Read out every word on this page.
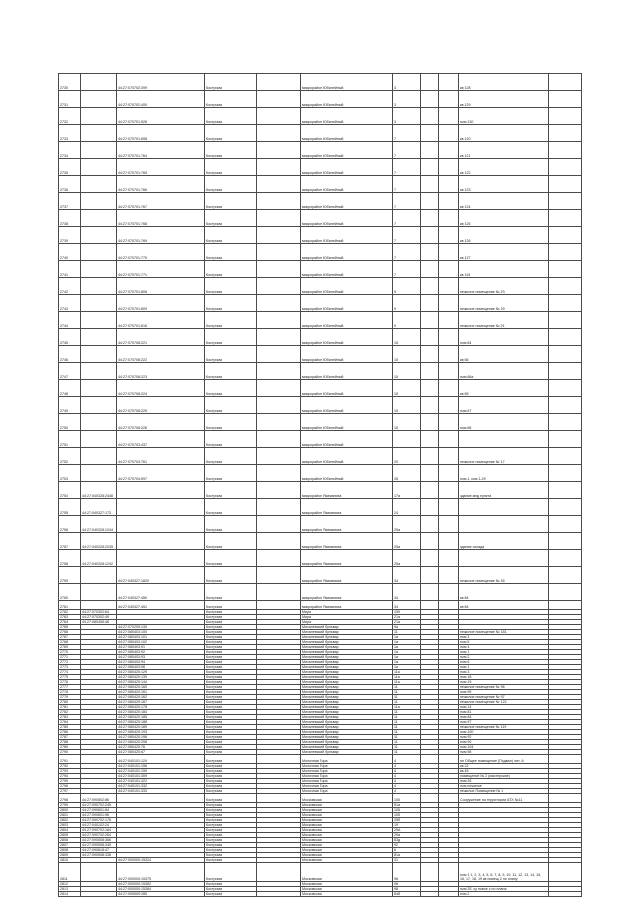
2730		44:27:070702:399	Кострома		микрорайон Юбилейный	3			кв 128	
2731		44:27:070702:400	Кострома		микрорайон Юбилейный	3			кв 129	
2732		44:27:070701:528	Кострома		микрорайон Юбилейный	3			пом 130	
2733		44:27:070701:658	Кострома		микрорайон Юбилейный	7			кв 120	
2734		44:27:070701:764	Кострома		микрорайон Юбилейный	7			кв 121	
2735		44:27:070701:765	Кострома		микрорайон Юбилейный	7			кв 122	
2736		44:27:070701:766	Кострома		микрорайон Юбилейный	7			кв 123	
2737		44:27:070701:767	Кострома		микрорайон Юбилейный	7			кв 124	
2738		44:27:070701:768	Кострома		микрорайон Юбилейный	7			кв 125	
2739		44:27:070701:769	Кострома		микрорайон Юбилейный	7			кв 126	
2740		44:27:070701:770	Кострома		микрорайон Юбилейный	7			кв 127	
2741		44:27:070701:771	Кострома		микрорайон Юбилейный	7			кв 119	
2742		44:27:070701:808	Кострома		микрорайон Юбилейный	9			нежилое помещение № 23	
2743		44:27:070701:809	Кострома		микрорайон Юбилейный	9			нежилое помещение № 29	
2744		44:27:070701:816	Кострома		микрорайон Юбилейный	9			нежилое помещение № 21	
2745		44:27:070708:221	Кострома		микрорайон Юбилейный	15			пом 64	
2746		44:27:070708:222	Кострома		микрорайон Юбилейный	15			кв 66	
2747		44:27:070708:223	Кострома		микрорайон Юбилейный	15			пом 66а	
2748		44:27:070708:224	Кострома		микрорайон Юбилейный	15			кв 65	
2749		44:27:070708:225	Кострома		микрорайон Юбилейный	15			пом 67	
2750		44:27:070708:226	Кострома		микрорайон Юбилейный	15			пом 68	
2751		44:27:070703:437	Кострома		микрорайон Юбилейный					
2752		44:27:070703:761	Кострома		микрорайон Юбилейный	20			нежилое помещение № 17	
2753		44:27:070704:597	Кострома		микрорайон Юбилейный	28			пом 1, ком 1-29	
2754	44:27:040328:2448		Кострома		микрорайон Якиманиха	17а			здание мед пункта	
2755	44:27:040327:173		Кострома		микрорайон Якиманиха	24				
2756	44:27:040328:1244		Кострома		микрорайон Якиманиха	25а				
2757	44:27:040328:2035		Кострома		микрорайон Якиманиха	25а			здание склада	
2758	44:27:040328:1242		Кострома		микрорайон Якиманиха	25а				
2759		44:27:040327:1820	Кострома		микрорайон Якиманиха	34			нежилое помещение № 45	
2760		44:27:040327:450	Кострома		микрорайон Якиманиха	34			кв 84	
2761		44:27:040327:451	Кострома		микрорайон Якиманиха	34			кв 84	
2762	44:27:070302:64		Кострома		Мира	159				
2763	44:27:070302:49		Кострома		Мира	21а				
2764	44:27:080406:46		Кострома		Мира	21а				
2765		44:27:070209:130	Кострома		Михалевский бульвар	9а				
2766		44:27:080403:100	Кострома		Михалевский бульвар	11			нежилое помещение № 181	
2767		44:27:080403:101	Кострома		Михалевский бульвар	1а			пом 3	
2768		44:27:080403:102	Кострома		Михалевский бульвар	1а			пом 5	
2769		44:27:080403:91	Кострома		Михалевский бульвар	1а			пом 4	
2770		44:27:080403:92	Кострома		Михалевский бульвар	1а			пом 1	
2771		44:27:080403:93	Кострома		Михалевский бульвар	1а			пом 2	
2772		44:27:080403:94	Кострома		Михалевский бульвар	1а			пом 6	
2773		44:27:080403:98	Кострома		Михалевский бульвар	1а			пом 1	
2774		44:27:080420:129	Кострома		Михалевский бульвар	11а			пом 3	
2775		44:27:080420:139	Кострома		Михалевский бульвар	11а			пом 18	
2776		44:27:080420:144	Кострома		Михалевский бульвар	11а			пом 19	
2777		44:27:080420:160	Кострома		Михалевский бульвар	11			нежилое помещение № 96	
2778		44:27:080420:161	Кострома		Михалевский бульвар	11			пом 95	
2779		44:27:080420:162	Кострома		Михалевский бульвар	11			нежилое помещение № 97	
2780		44:27:080420:167	Кострома		Михалевский бульвар	11			нежилое помещение № 122	
2781		44:27:080420:178	Кострома		Михалевский бульвар	11а			пом 14	
2782		44:27:080420:184	Кострома		Михалевский бульвар	11			пом 81	
2783		44:27:080420:185	Кострома		Михалевский бульвар	11			пом 84	
2784		44:27:080420:188	Кострома		Михалевский бульвар	11			пом 97	
2785		44:27:080420:189	Кострома		Михалевский бульвар	11			нежилое помещение № 119	
2786		44:27:080420:193	Кострома		Михалевский бульвар	11			пом 100	
2787		44:27:080420:196	Кострома		Михалевский бульвар	11			пом 92	
2788		44:27:080420:208	Кострома		Михалевский бульвар	11			пом 90	
2789		44:27:080420:76	Кострома		Михалевский бульвар	11			пом 104	
2790		44:27:080420:67	Кострома		Михалевский бульвар	11			пом 98	
2791		44:27:040101:124	Кострома		Молочная Гора	4			нп Общее помещение (Подвал) лит. А	
2792		44:27:040101:156	Кострома		Молочная Гора	4			кв 22	
2793		44:27:040101:159	Кострома		Молочная Гора	4			кв 45	
2794		44:27:040101:309	Кострома		Молочная Гора	4			помещение № 2 (мастерские)	
2795		44:27:040101:322	Кострома		Молочная Гора	4			пом 26	
2796		44:27:040101:332	Кострома		Молочная Гора	4			пом нежилое	
2797		44:27:040101:333	Кострома		Молочная Гора	4			нежилое Помещение № 1	
2798	44:27:090502:86		Кострома		Московская	100			Сооружение на территории АТХ №11	
2799	44:27:090702:245		Кострома		Московская	51а				
2800	44:27:090601:84		Кострома		Московская	105				
2801	44:27:090601:96		Кострома		Московская	105				
2802	44:27:090702:178		Кострома		Московская	25б				
2803	44:27:040102:24		Кострома		Московская	19				
2804	44:27:090702:164		Кострома		Московская	25А				
2805	44:27:090702:264		Кострома		Московская	29а				
2806	44:27:090508:366		Кострома		Московская	83д				
2807	44:27:090508:349		Кострома		Московская	92				
2808	44:27:090818:47		Кострома		Московская	6				
2809	44:27:090508:338		Кострома		Московская	81а				
2810		44:27:000000:15324	Кострома		Московская	31				
2811		44:27:000000:15375	Кострома		Московская	96			пом 1 1, 2, 3, 4, 5, 6, 7, 8, 9, 10, 11, 12, 13, 14, 15, 16, 17, 18, 19 кв помещ 2 по плану	
2812		44:27:000000:15382	Кострома		Московская	96				
2813		44:27:000000:15384	Кострома		Московская	98			пом 2б, ку новое с по плана	
2814		44:27:090509:285	Кострома		Московская	84б			пом 2	
